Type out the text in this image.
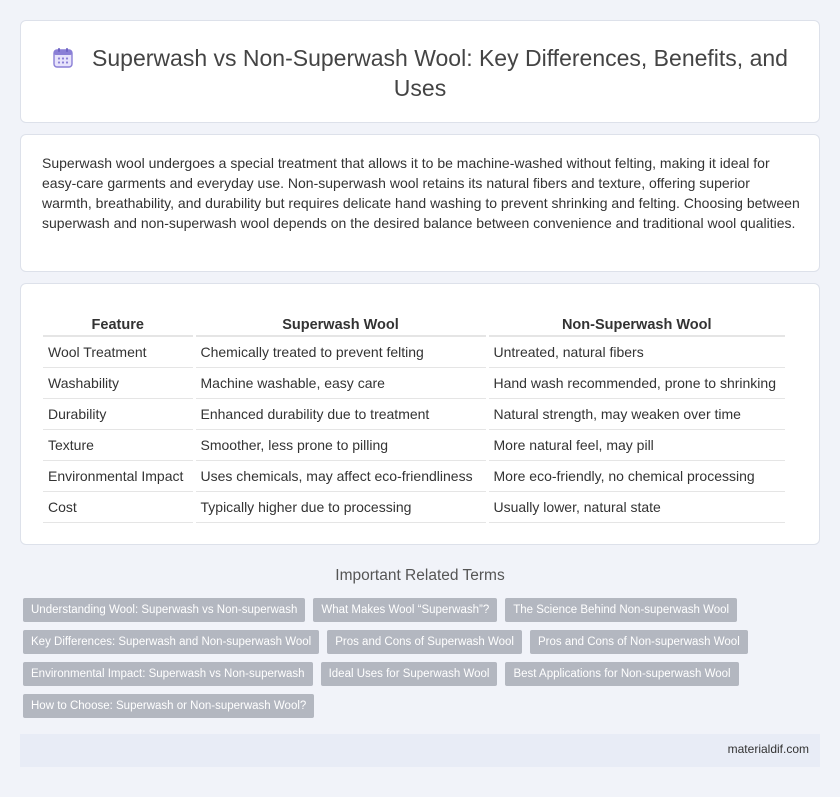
Superwash vs Non-Superwash Wool: Key Differences, Benefits, and Uses

Superwash wool undergoes a special treatment that allows it to be machine-washed without felting, making it ideal for easy-care garments and everyday use. Non-superwash wool retains its natural fibers and texture, offering superior warmth, breathability, and durability but requires delicate hand washing to prevent shrinking and felting. Choosing between superwash and non-superwash wool depends on the desired balance between convenience and traditional wool qualities.

Feature	Superwash Wool	Non-Superwash Wool
Wool Treatment	Chemically treated to prevent felting	Untreated, natural fibers
Washability	Machine washable, easy care	Hand wash recommended, prone to shrinking
Durability	Enhanced durability due to treatment	Natural strength, may weaken over time
Texture	Smoother, less prone to pilling	More natural feel, may pill
Environmental Impact	Uses chemicals, may affect eco-friendliness	More eco-friendly, no chemical processing
Cost	Typically higher due to processing	Usually lower, natural state
Important Related Terms
Understanding Wool: Superwash vs Non-superwash	What Makes Wool “Superwash”?	The Science Behind Non-superwash Wool
Key Differences: Superwash and Non-superwash Wool	Pros and Cons of Superwash Wool	Pros and Cons of Non-superwash Wool
Environmental Impact: Superwash vs Non-superwash	Ideal Uses for Superwash Wool	Best Applications for Non-superwash Wool
How to Choose: Superwash or Non-superwash Wool?
materialdif.com
